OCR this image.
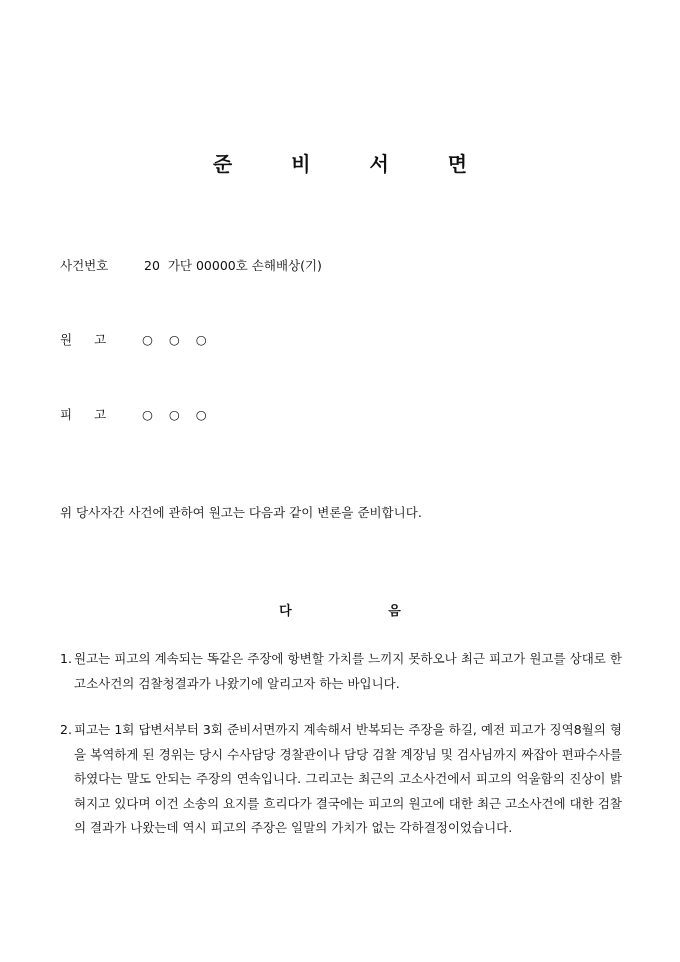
준 비 서 면
사건번호	20  가단 00000호 손해배상(기)
원고 ○ ○ ○
피고 ○ ○ ○
위 당사자간 사건에 관하여 원고는 다음과 같이 변론을 준비합니다.
다 음
1. 원고는 피고의 계속되는 똑같은 주장에 항변할 가치를 느끼지 못하오나 최근 피고가 원고를 상대로 한 고소사건의 검찰청결과가 나왔기에 알리고자 하는 바입니다.
2. 피고는 1회 답변서부터 3회 준비서면까지 계속해서 반복되는 주장을 하길, 예전 피고가 징역8월의 형을 복역하게 된 경위는 당시 수사담당 경찰관이나 담당 검찰 계장님 및 검사님까지 짜잡아 편파수사를 하였다는 말도 안되는 주장의 연속입니다. 그리고는 최근의 고소사건에서 피고의 억울함의 진상이 밝혀지고 있다며 이건 소송의 요지를 흐리다가 결국에는 피고의 원고에 대한 최근 고소사건에 대한 검찰의 결과가 나왔는데 역시 피고의 주장은 일말의 가치가 없는 각하결정이었습니다.
